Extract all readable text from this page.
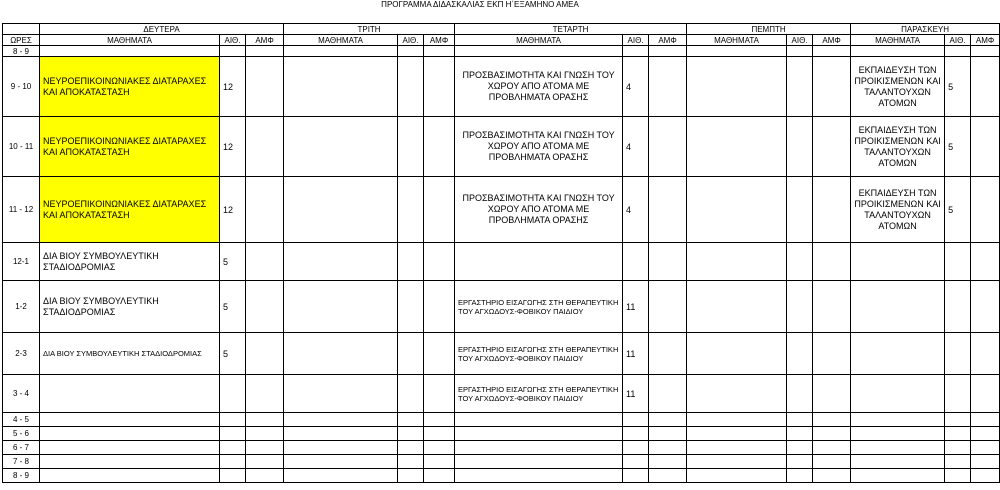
ΠΡΟΓΡΑΜΜΑ ΔΙΔΑΣΚΑΛΙΑΣ ΕΚΠ Η΄ΕΞΑΜΗΝΟ ΑΜΕΑ
	ΔΕΥΤΕΡΑ			ΤΡΙΤΗ			ΤΕΤΑΡΤΗ			ΠΕΜΠΤΗ			ΠΑΡΑΣΚΕΥΗ		
ΩΡΕΣ	ΜΑΘΗΜΑΤΑ	ΑΙΘ.	ΑΜΦ	ΜΑΘΗΜΑΤΑ	ΑΙΘ.	ΑΜΦ	ΜΑΘΗΜΑΤΑ	ΑΙΘ.	ΑΜΦ	ΜΑΘΗΜΑΤΑ	ΑΙΘ.	ΑΜΦ	ΜΑΘΗΜΑΤΑ	ΑΙΘ.	ΑΜΦ
8 - 9															
9 - 10	ΝΕΥΡΟΕΠΙΚΟΙΝΩΝΙΑΚΕΣ ΔΙΑΤΑΡΑΧΕΣ ΚΑΙ ΑΠΟΚΑΤΑΣΤΑΣΗ	12					ΠΡΟΣΒΑΣΙΜΟΤΗΤΑ ΚΑΙ ΓΝΩΣΗ ΤΟΥ ΧΩΡΟΥ ΑΠΟ ΑΤΟΜΑ ΜΕ ΠΡΟΒΛΗΜΑΤΑ ΟΡΑΣΗΣ	4					ΕΚΠΑΙΔΕΥΣΗ ΤΩΝ ΠΡΟΙΚΙΣΜΕΝΩΝ ΚΑΙ ΤΑΛΑΝΤΟΥΧΩΝ ΑΤΟΜΩΝ	5	
10 - 11	ΝΕΥΡΟΕΠΙΚΟΙΝΩΝΙΑΚΕΣ ΔΙΑΤΑΡΑΧΕΣ ΚΑΙ ΑΠΟΚΑΤΑΣΤΑΣΗ	12					ΠΡΟΣΒΑΣΙΜΟΤΗΤΑ ΚΑΙ ΓΝΩΣΗ ΤΟΥ ΧΩΡΟΥ ΑΠΟ ΑΤΟΜΑ ΜΕ ΠΡΟΒΛΗΜΑΤΑ ΟΡΑΣΗΣ	4					ΕΚΠΑΙΔΕΥΣΗ ΤΩΝ ΠΡΟΙΚΙΣΜΕΝΩΝ ΚΑΙ ΤΑΛΑΝΤΟΥΧΩΝ ΑΤΟΜΩΝ	5	
11 - 12	ΝΕΥΡΟΕΠΙΚΟΙΝΩΝΙΑΚΕΣ ΔΙΑΤΑΡΑΧΕΣ ΚΑΙ ΑΠΟΚΑΤΑΣΤΑΣΗ	12					ΠΡΟΣΒΑΣΙΜΟΤΗΤΑ ΚΑΙ ΓΝΩΣΗ ΤΟΥ ΧΩΡΟΥ ΑΠΟ ΑΤΟΜΑ ΜΕ ΠΡΟΒΛΗΜΑΤΑ ΟΡΑΣΗΣ	4					ΕΚΠΑΙΔΕΥΣΗ ΤΩΝ ΠΡΟΙΚΙΣΜΕΝΩΝ ΚΑΙ ΤΑΛΑΝΤΟΥΧΩΝ ΑΤΟΜΩΝ	5	
12-1	ΔΙΑ ΒΙΟΥ ΣΥΜΒΟΥΛΕΥΤΙΚΗ ΣΤΑΔΙΟΔΡΟΜΙΑΣ	5													
1-2	ΔΙΑ ΒΙΟΥ ΣΥΜΒΟΥΛΕΥΤΙΚΗ ΣΤΑΔΙΟΔΡΟΜΙΑΣ	5					ΕΡΓΑΣΤΗΡΙΟ ΕΙΣΑΓΩΓΗΣ ΣΤΗ ΘΕΡΑΠΕΥΤΙΚΗ ΤΟΥ ΑΓΧΩΔΟΥΣ-ΦΟΒΙΚΟΥ ΠΑΙΔΙΟΥ	11							
2-3	ΔΙΑ ΒΙΟΥ ΣΥΜΒΟΥΛΕΥΤΙΚΗ ΣΤΑΔΙΟΔΡΟΜΙΑΣ	5					ΕΡΓΑΣΤΗΡΙΟ ΕΙΣΑΓΩΓΗΣ ΣΤΗ ΘΕΡΑΠΕΥΤΙΚΗ ΤΟΥ ΑΓΧΩΔΟΥΣ-ΦΟΒΙΚΟΥ ΠΑΙΔΙΟΥ	11							
3 - 4							ΕΡΓΑΣΤΗΡΙΟ ΕΙΣΑΓΩΓΗΣ ΣΤΗ ΘΕΡΑΠΕΥΤΙΚΗ ΤΟΥ ΑΓΧΩΔΟΥΣ-ΦΟΒΙΚΟΥ ΠΑΙΔΙΟΥ	11							
4 - 5															
5 - 6															
6 - 7															
7 - 8															
8 - 9															
